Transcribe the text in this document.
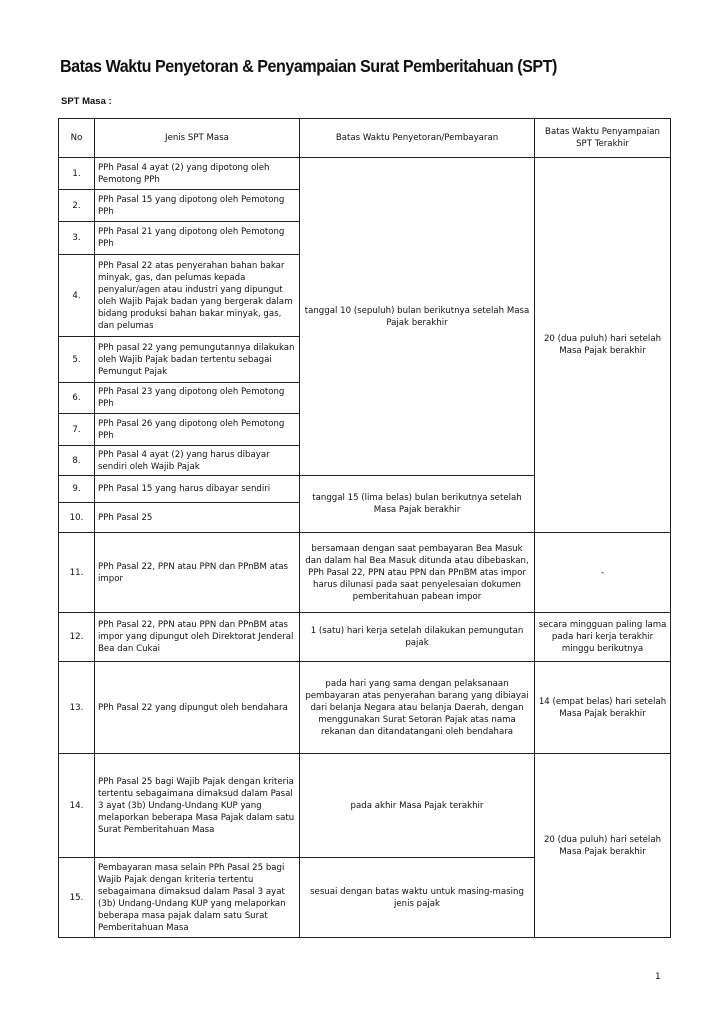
Batas Waktu Penyetoran & Penyampaian Surat Pemberitahuan (SPT)
SPT Masa :
No	Jenis SPT Masa	Batas Waktu Penyetoran/Pembayaran	Batas Waktu Penyampaian SPT Terakhir
1.	PPh Pasal 4 ayat (2) yang dipotong oleh Pemotong PPh	tanggal 10 (sepuluh) bulan berikutnya setelah Masa Pajak berakhir	20 (dua puluh) hari setelah Masa Pajak berakhir
2.	PPh Pasal 15 yang dipotong oleh Pemotong PPh		
3.	PPh Pasal 21 yang dipotong oleh Pemotong PPh		
4.	PPh Pasal 22 atas penyerahan bahan bakar minyak, gas, dan pelumas kepada penyalur/agen atau industri yang dipungut oleh Wajib Pajak badan yang bergerak dalam bidang produksi bahan bakar minyak, gas, dan pelumas		
5.	PPh pasal 22 yang pemungutannya dilakukan oleh Wajib Pajak badan tertentu sebagai Pemungut Pajak		
6.	PPh Pasal 23 yang dipotong oleh Pemotong PPh		
7.	PPh Pasal 26 yang dipotong oleh Pemotong PPh		
8.	PPh Pasal 4 ayat (2) yang harus dibayar sendiri oleh Wajib Pajak		
9.	PPh Pasal 15 yang harus dibayar sendiri	tanggal 15 (lima belas) bulan berikutnya setelah Masa Pajak berakhir	
10.	PPh Pasal 25		
11.	PPh Pasal 22, PPN atau PPN dan PPnBM atas impor	bersamaan dengan saat pembayaran Bea Masuk dan dalam hal Bea Masuk ditunda atau dibebaskan, PPh Pasal 22, PPN atau PPN dan PPnBM atas impor harus dilunasi pada saat penyelesaian dokumen pemberitahuan pabean impor	-
12.	PPh Pasal 22, PPN atau PPN dan PPnBM atas impor yang dipungut oleh Direktorat Jenderal Bea dan Cukai	1 (satu) hari kerja setelah dilakukan pemungutan pajak	secara mingguan paling lama pada hari kerja terakhir minggu berikutnya
13.	PPh Pasal 22 yang dipungut oleh bendahara	pada hari yang sama dengan pelaksanaan pembayaran atas penyerahan barang yang dibiayai dari belanja Negara atau belanja Daerah, dengan menggunakan Surat Setoran Pajak atas nama rekanan dan ditandatangani oleh bendahara	14 (empat belas) hari setelah Masa Pajak berakhir
14.	PPh Pasal 25 bagi Wajib Pajak dengan kriteria tertentu sebagaimana dimaksud dalam Pasal 3 ayat (3b) Undang-Undang KUP yang melaporkan beberapa Masa Pajak dalam satu Surat Pemberitahuan Masa	pada akhir Masa Pajak terakhir	20 (dua puluh) hari setelah Masa Pajak berakhir
15.	Pembayaran masa selain PPh Pasal 25 bagi Wajib Pajak dengan kriteria tertentu sebagaimana dimaksud dalam Pasal 3 ayat (3b) Undang-Undang KUP yang melaporkan beberapa masa pajak dalam satu Surat Pemberitahuan Masa	sesuai dengan batas waktu untuk masing-masing jenis pajak	
1
